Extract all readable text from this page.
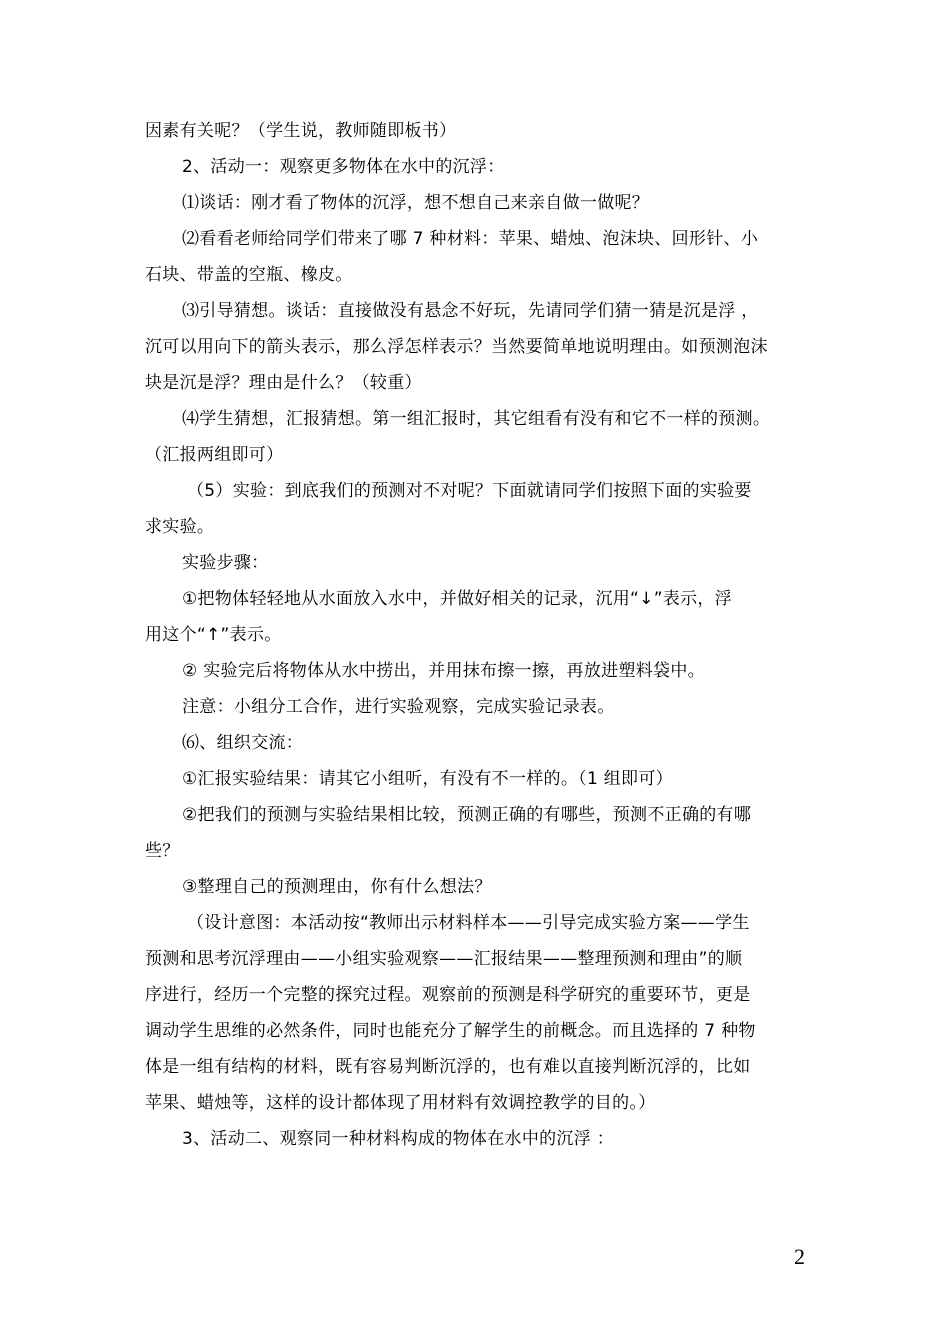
因素有关呢？（学生说，教师随即板书）
2、活动一：观察更多物体在水中的沉浮：
⑴谈话：刚才看了物体的沉浮，想不想自己来亲自做一做呢？
⑵看看老师给同学们带来了哪 7 种材料：苹果、蜡烛、泡沫块、回形针、小
石块、带盖的空瓶、橡皮。
⑶引导猜想。谈话：直接做没有悬念不好玩，先请同学们猜一猜是沉是浮 ，
沉可以用向下的箭头表示，那么浮怎样表示？当然要简单地说明理由。如预测泡沫
块是沉是浮？理由是什么？（较重）
⑷学生猜想，汇报猜想。第一组汇报时，其它组看有没有和它不一样的预测。
（汇报两组即可）
（5）实验：到底我们的预测对不对呢？下面就请同学们按照下面的实验要
求实验。
实验步骤：
①把物体轻轻地从水面放入水中，并做好相关的记录，沉用“↓”表示，浮
用这个“↑”表示。
② 实验完后将物体从水中捞出，并用抹布擦一擦，再放进塑料袋中。
注意：小组分工合作，进行实验观察，完成实验记录表。
⑹、组织交流：
①汇报实验结果：请其它小组听，有没有不一样的。（1 组即可）
②把我们的预测与实验结果相比较，预测正确的有哪些，预测不正确的有哪
些？
③整理自己的预测理由，你有什么想法？
（设计意图：本活动按“教师出示材料样本——引导完成实验方案——学生
预测和思考沉浮理由——小组实验观察——汇报结果——整理预测和理由”的顺
序进行，经历一个完整的探究过程。观察前的预测是科学研究的重要环节，更是
调动学生思维的必然条件，同时也能充分了解学生的前概念。而且选择的 7 种物
体是一组有结构的材料，既有容易判断沉浮的，也有难以直接判断沉浮的，比如
苹果、蜡烛等，这样的设计都体现了用材料有效调控教学的目的。）
3、活动二、观察同一种材料构成的物体在水中的沉浮 ：
2
